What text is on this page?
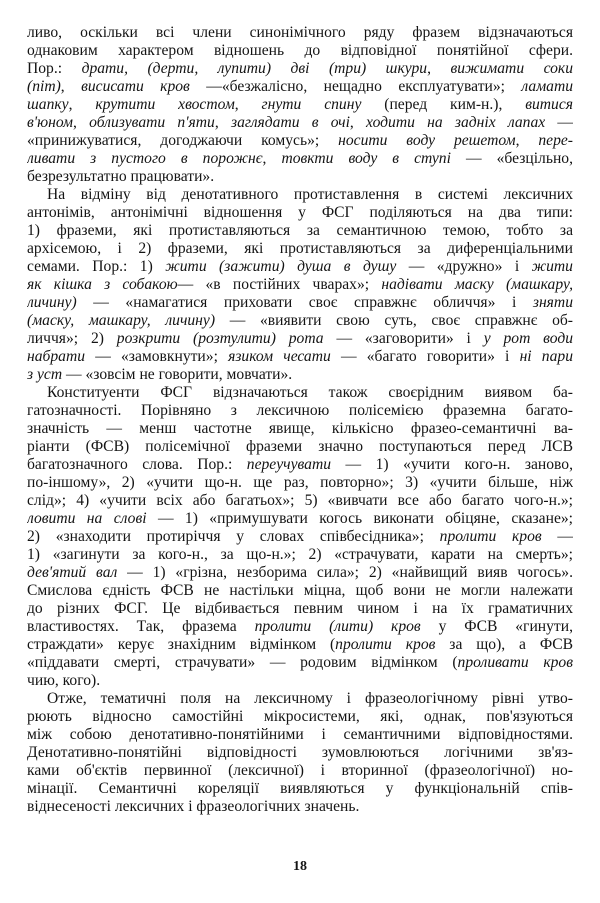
ливо, оскільки всі члени синонімічного ряду фразем відзначаються
однаковим характером відношень до відповідної понятійної сфери.
Пор.: драти, (дерти, лупити) дві (три) шкури, вижимати соки
(піт), висисати кров —«безжалісно, нещадно експлуатувати»; ламати
шапку, крутити хвостом, гнути спину (перед ким-н.), витися
в'юном, облизувати п'яти, заглядати в очі, ходити на задніх лапах —
«принижуватися, догоджаючи комусь»; носити воду решетом, пере-
ливати з пустого в порожнє, товкти воду в ступі — «безцільно,
безрезультатно працювати».
На відміну від денотативного протиставлення в системі лексичних
антонімів, антонімічні відношення у ФСГ поділяються на два типи:
1) фраземи, які протиставляються за семантичною темою, тобто за
архісемою, і 2) фраземи, які протиставляються за диференціальними
семами. Пор.: 1) жити (зажити) душа в душу — «дружно» і жити
як кішка з собакою— «в постійних чварах»; надівати маску (машкару,
личину) — «намагатися приховати своє справжнє обличчя» і зняти
(маску, машкару, личину) — «виявити свою суть, своє справжнє об-
личчя»; 2) розкрити (розтулити) рота — «заговорити» і у рот води
набрати — «замовкнути»; язиком чесати — «багато говорити» і ні пари
з уст — «зовсім не говорити, мовчати».
Конституенти ФСГ відзначаються також своєрідним виявом ба-
гатозначності. Порівняно з лексичною полісемією фраземна багато-
значність — менш частотне явище, кількісно фразео-семантичні ва-
ріанти (ФСВ) полісемічної фраземи значно поступаються перед ЛСВ
багатозначного слова. Пор.: переучувати — 1) «учити кого-н. заново,
по-іншому», 2) «учити що-н. ще раз, повторно»; 3) «учити більше, ніж
слід»; 4) «учити всіх або багатьох»; 5) «вивчати все або багато чого-н.»;
ловити на слові — 1) «примушувати когось виконати обіцяне, сказане»;
2) «знаходити протиріччя у словах співбесідника»; пролити кров —
1) «загинути за кого-н., за що-н.»; 2) «страчувати, карати на смерть»;
дев'ятий вал — 1) «грізна, незборима сила»; 2) «найвищий вияв чогось».
Смислова єдність ФСВ не настільки міцна, щоб вони не могли належати
до різних ФСГ. Це відбивається певним чином і на їх граматичних
властивостях. Так, фразема пролити (лити) кров у ФСВ «гинути,
страждати» керує знахідним відмінком (пролити кров за що), а ФСВ
«піддавати смерті, страчувати» — родовим відмінком (проливати кров
чию, кого).
Отже, тематичні поля на лексичному і фразеологічному рівні утво-
рюють відносно самостійні мікросистеми, які, однак, пов'язуються
між собою денотативно-понятійними і семантичними відповідностями.
Денотативно-понятійні відповідності зумовлюються логічними зв'яз-
ками об'єктів первинної (лексичної) і вторинної (фразеологічної) но-
мінації. Семантичні кореляції виявляються у функціональній спів-
віднесеності лексичних і фразеологічних значень.
18
